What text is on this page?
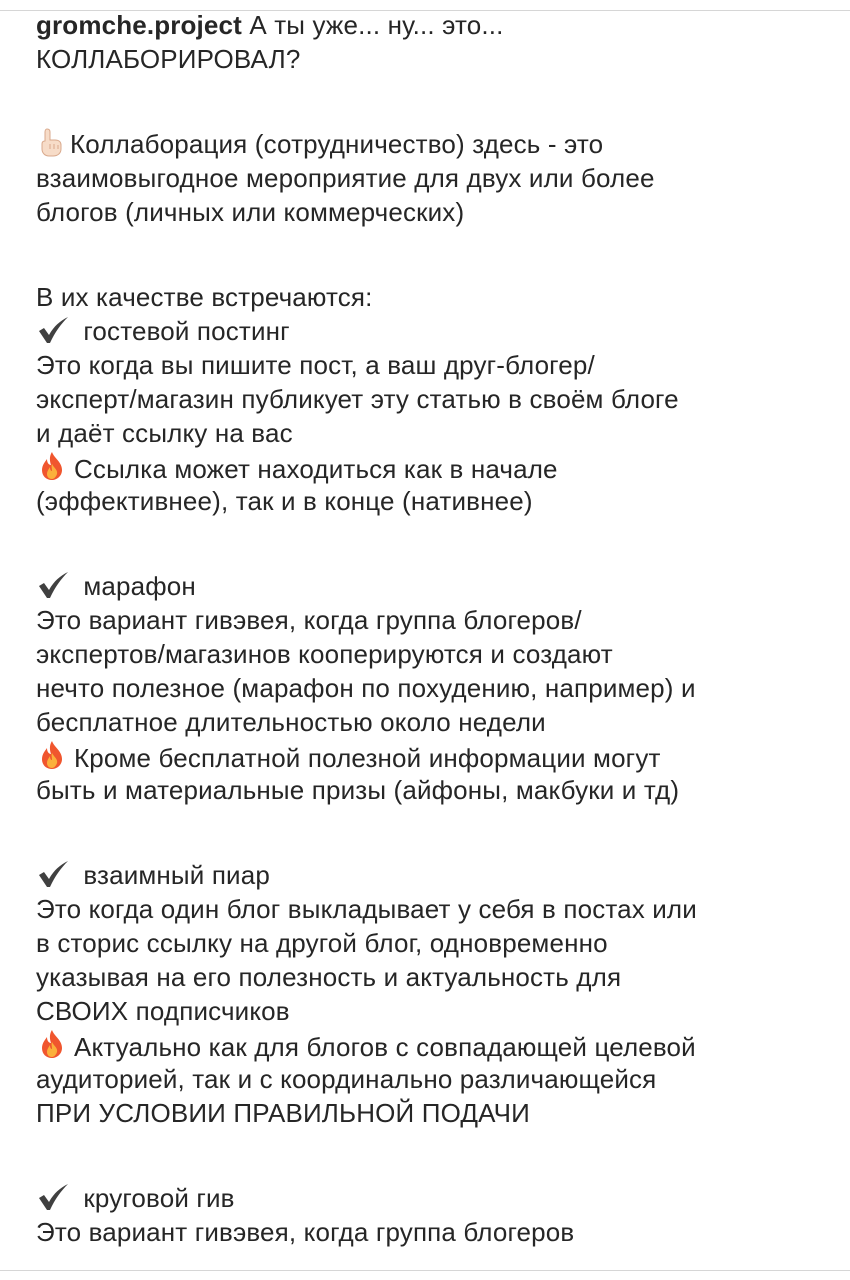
gromche.project А ты уже... ну... это...
КОЛЛАБОРИРОВАЛ?
Коллаборация (сотрудничество) здесь - это
взаимовыгодное мероприятие для двух или более
блогов (личных или коммерческих)
В их качестве встречаются:
гостевой постинг
Это когда вы пишите пост, а ваш друг-блогер/
эксперт/магазин публикует эту статью в своём блоге
и даёт ссылку на вас
Ссылка может находиться как в начале
(эффективнее), так и в конце (нативнее)
марафон
Это вариант гивэвея, когда группа блогеров/
экспертов/магазинов кооперируются и создают
нечто полезное (марафон по похудению, например) и
бесплатное длительностью около недели
Кроме бесплатной полезной информации могут
быть и материальные призы (айфоны, макбуки и тд)
взаимный пиар
Это когда один блог выкладывает у себя в постах или
в сторис ссылку на другой блог, одновременно
указывая на его полезность и актуальность для
СВОИХ подписчиков
Актуально как для блогов с совпадающей целевой
аудиторией, так и с координально различающейся
ПРИ УСЛОВИИ ПРАВИЛЬНОЙ ПОДАЧИ
круговой гив
Это вариант гивэвея, когда группа блогеров
